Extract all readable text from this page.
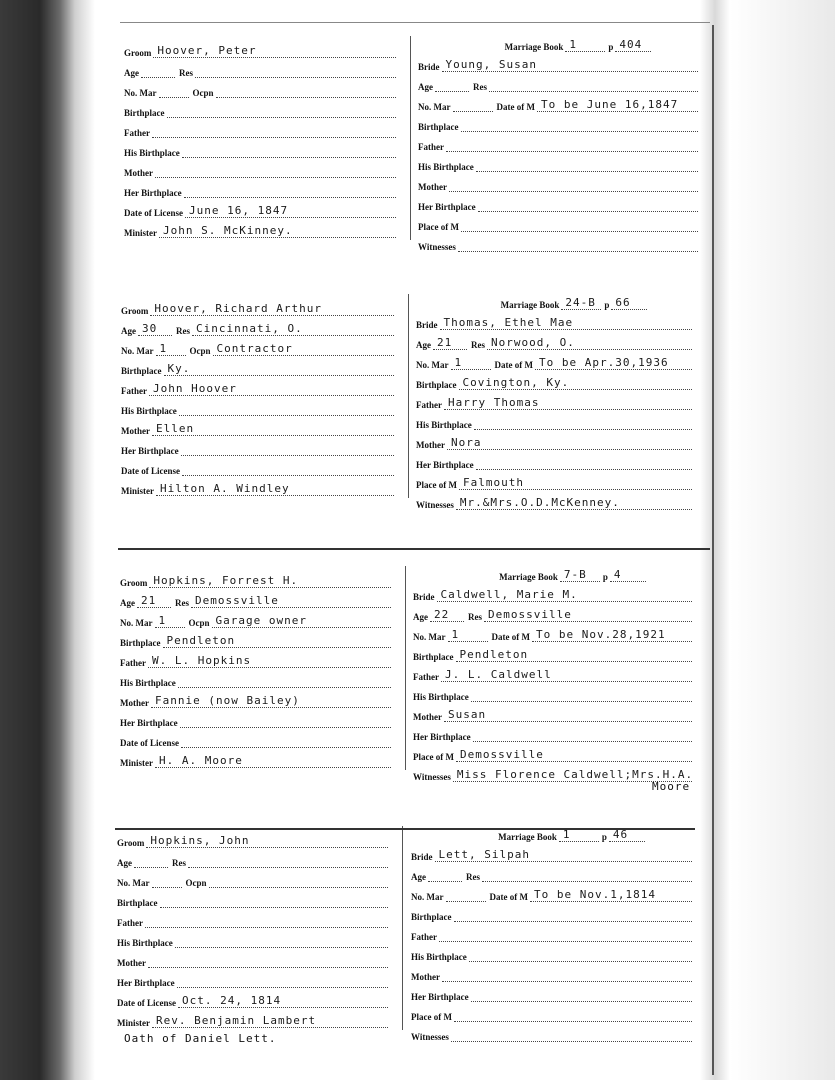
Groom Hoover, Peter
Age	Res
No. Mar	Ocpn
Birthplace
Father
His Birthplace
Mother
Her Birthplace
Date of License June 16, 1847
Minister John S. McKinney.
Marriage Book 1	p 404
Bride Young, Susan
Age	Res
No. Mar	Date of M To be June 16,1847
Birthplace
Father
His Birthplace
Mother
Her Birthplace
Place of M
Witnesses
Groom Hoover, Richard Arthur
Age 30 Res Cincinnati, O.
No. Mar 1 Ocpn Contractor
Birthplace Ky.
Father John Hoover
His Birthplace
Mother Ellen
Her Birthplace
Date of License
Minister Hilton A. Windley
Marriage Book 24-B p 66
Bride Thomas, Ethel Mae
Age 21 Res Norwood, O.
No. Mar 1	Date of M To be Apr.30,1936
Birthplace Covington, Ky.
Father Harry Thomas
His Birthplace
Mother Nora
Her Birthplace
Place of M Falmouth
Witnesses Mr.&Mrs.O.D.McKenney.
Groom Hopkins, Forrest H.
Age 21 Res Demossville
No. Mar 1 Ocpn Garage owner
Birthplace Pendleton
Father W. L. Hopkins
His Birthplace
Mother Fannie (now Bailey)
Her Birthplace
Date of License
Minister H. A. Moore
Marriage Book 7-B p 4
Bride Caldwell, Marie M.
Age 22 Res Demossville
No. Mar 1	Date of M To be Nov.28,1921
Birthplace Pendleton
Father J. L. Caldwell
His Birthplace
Mother Susan
Her Birthplace
Place of M Demossville
Witnesses Miss Florence Caldwell;Mrs.H.A.
Moore
Groom Hopkins, John
Age	Res
No. Mar	Ocpn
Birthplace
Father
His Birthplace
Mother
Her Birthplace
Date of License Oct. 24, 1814
Minister Rev. Benjamin Lambert
Marriage Book 1	p 46
Bride Lett, Silpah
Age	Res
No. Mar	Date of M To be Nov.1,1814
Birthplace
Father
His Birthplace
Mother
Her Birthplace
Place of M
Witnesses
Oath of Daniel Lett.
